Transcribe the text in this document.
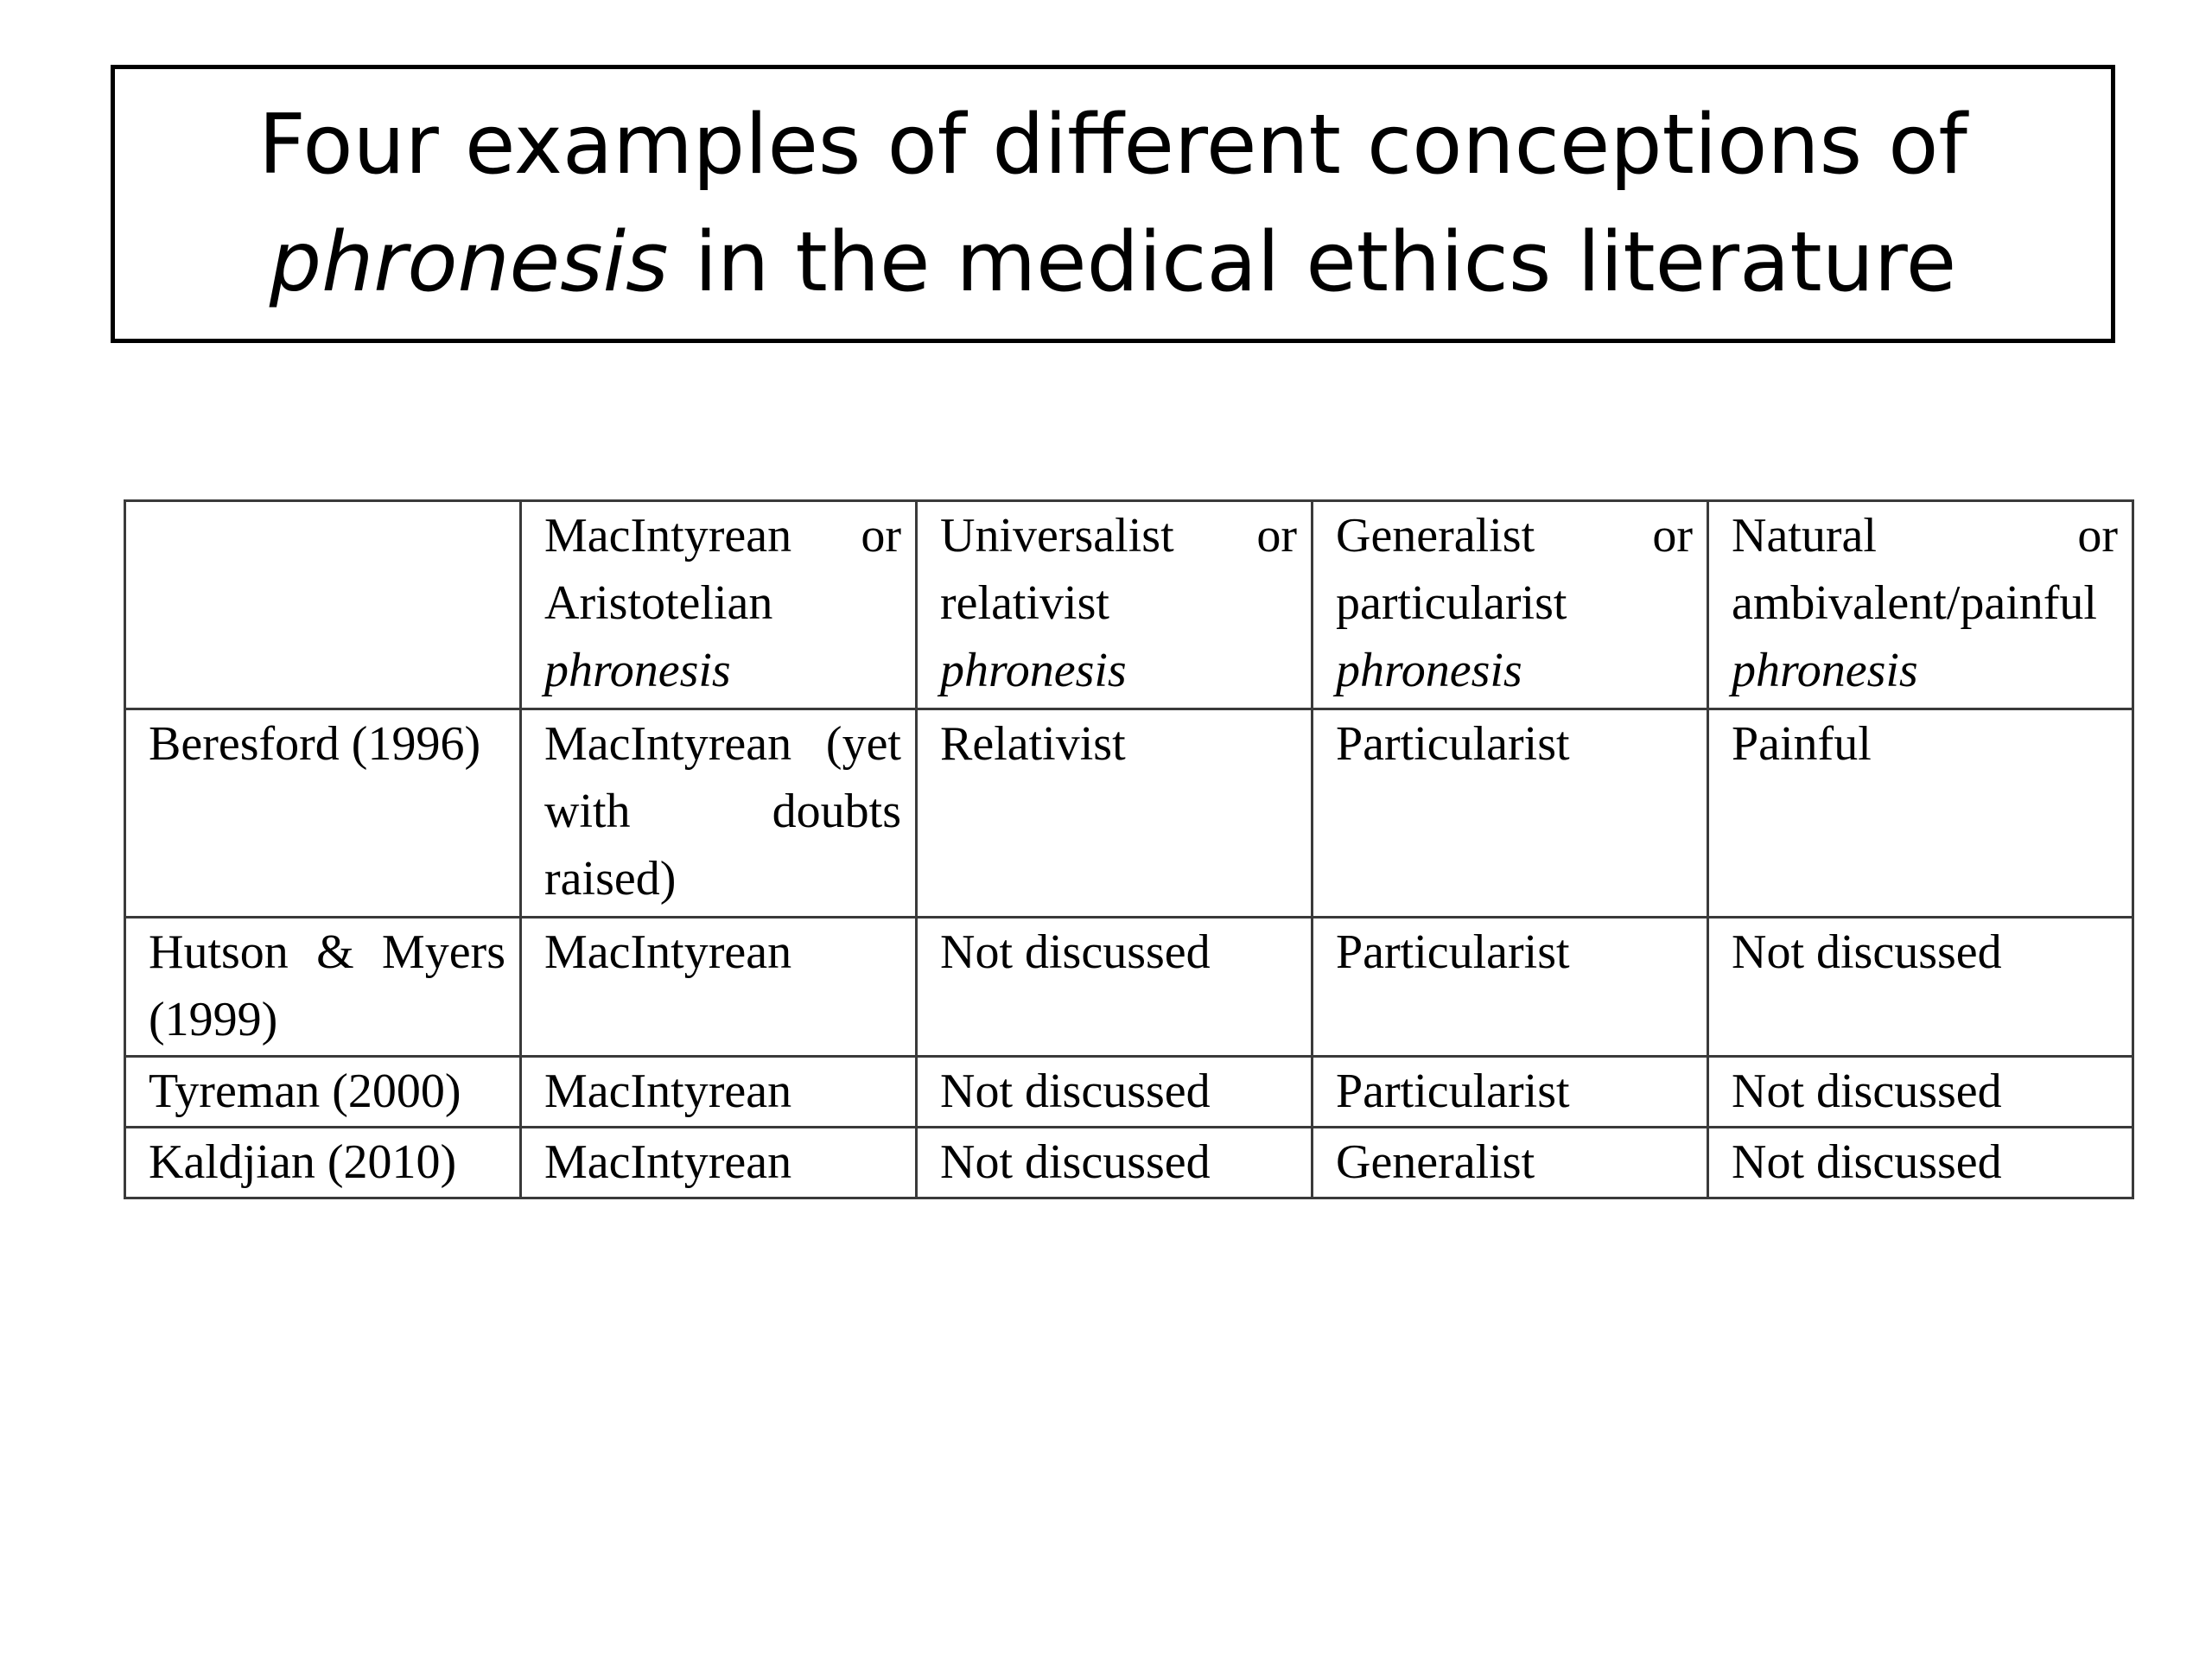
Four examples of different conceptions of
phronesis in the medical ethics literature

	MacIntyrean or
Aristotelian
phronesis	Universalist or
relativist
phronesis	Generalist or
particularist
phronesis	Natural or
ambivalent/painful
phronesis

Beresford (1996)	MacIntyrean (yet
with doubts
raised)	Relativist	Particularist	Painful

Hutson & Myers
(1999)	MacIntyrean	Not discussed	Particularist	Not discussed
Tyreman (2000)	MacIntyrean	Not discussed	Particularist	Not discussed
Kaldjian (2010)	MacIntyrean	Not discussed	Generalist	Not discussed
